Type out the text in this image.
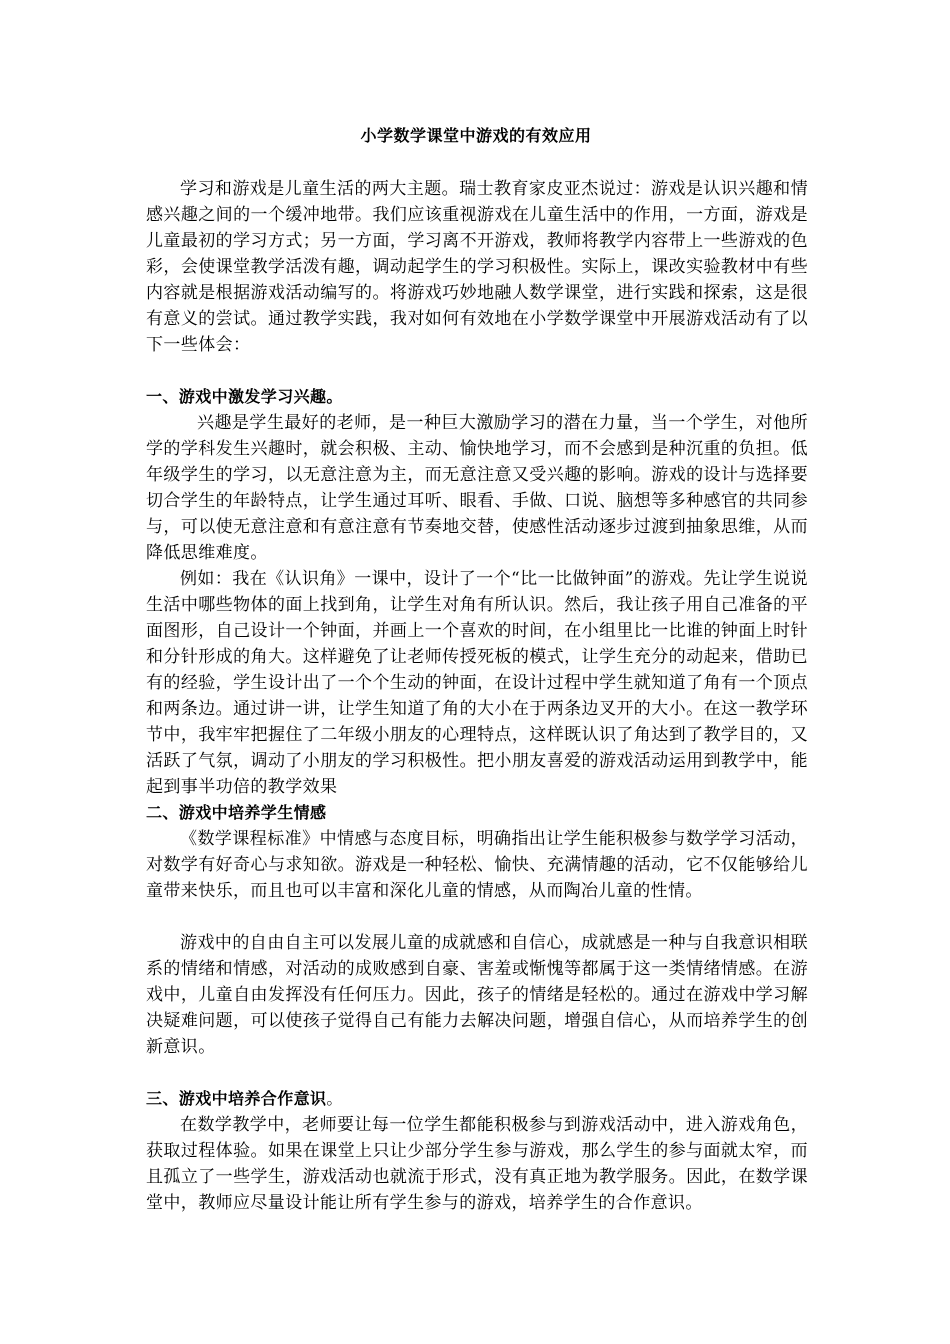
小学数学课堂中游戏的有效应用

学习和游戏是儿童生活的两大主题。瑞士教育家皮亚杰说过：游戏是认识兴趣和情感兴趣之间的一个缓冲地带。我们应该重视游戏在儿童生活中的作用，一方面，游戏是儿童最初的学习方式；另一方面，学习离不开游戏，教师将教学内容带上一些游戏的色彩，会使课堂教学活泼有趣，调动起学生的学习积极性。实际上，课改实验教材中有些内容就是根据游戏活动编写的。将游戏巧妙地融人数学课堂，进行实践和探索，这是很有意义的尝试。通过教学实践，我对如何有效地在小学数学课堂中开展游戏活动有了以下一些体会：

一、游戏中激发学习兴趣。

兴趣是学生最好的老师，是一种巨大激励学习的潜在力量，当一个学生，对他所学的学科发生兴趣时，就会积极、主动、愉快地学习，而不会感到是种沉重的负担。低年级学生的学习，以无意注意为主，而无意注意又受兴趣的影响。游戏的设计与选择要切合学生的年龄特点，让学生通过耳听、眼看、手做、口说、脑想等多种感官的共同参与，可以使无意注意和有意注意有节奏地交替，使感性活动逐步过渡到抽象思维，从而降低思维难度。

例如：我在《认识角》一课中，设计了一个“比一比做钟面”的游戏。先让学生说说生活中哪些物体的面上找到角，让学生对角有所认识。然后，我让孩子用自己准备的平面图形，自己设计一个钟面，并画上一个喜欢的时间，在小组里比一比谁的钟面上时针和分针形成的角大。这样避免了让老师传授死板的模式，让学生充分的动起来，借助已有的经验，学生设计出了一个个生动的钟面，在设计过程中学生就知道了角有一个顶点和两条边。通过讲一讲，让学生知道了角的大小在于两条边叉开的大小。在这一教学环节中，我牢牢把握住了二年级小朋友的心理特点，这样既认识了角达到了教学目的，又活跃了气氛，调动了小朋友的学习积极性。把小朋友喜爱的游戏活动运用到教学中，能起到事半功倍的教学效果

二、游戏中培养学生情感

《数学课程标准》中情感与态度目标，明确指出让学生能积极参与数学学习活动，对数学有好奇心与求知欲。游戏是一种轻松、愉快、充满情趣的活动，它不仅能够给儿童带来快乐，而且也可以丰富和深化儿童的情感，从而陶冶儿童的性情。

游戏中的自由自主可以发展儿童的成就感和自信心，成就感是一种与自我意识相联系的情绪和情感，对活动的成败感到自豪、害羞或惭愧等都属于这一类情绪情感。在游戏中，儿童自由发挥没有任何压力。因此，孩子的情绪是轻松的。通过在游戏中学习解决疑难问题，可以使孩子觉得自己有能力去解决问题，增强自信心，从而培养学生的创新意识。

三、游戏中培养合作意识。

在数学教学中，老师要让每一位学生都能积极参与到游戏活动中，进入游戏角色，获取过程体验。如果在课堂上只让少部分学生参与游戏，那么学生的参与面就太窄，而且孤立了一些学生，游戏活动也就流于形式，没有真正地为教学服务。因此，在数学课堂中，教师应尽量设计能让所有学生参与的游戏，培养学生的合作意识。
